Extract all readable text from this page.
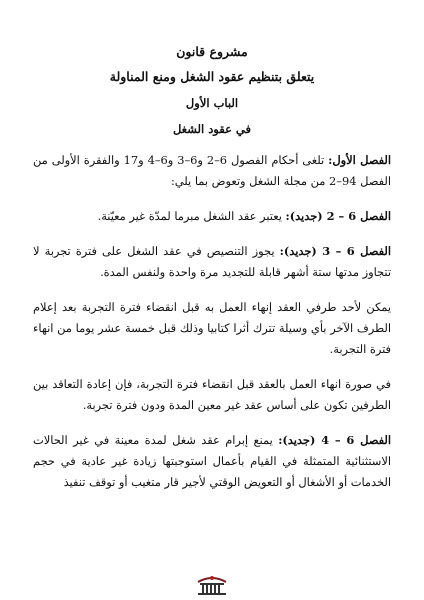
مشروع قانون

يتعلق بتنظيم عقود الشغل ومنع المناولة

الباب الأول

في عقود الشغل

الفصل الأول: تلغى أحكام الفصول 6–2 و6–3 و6–4 و17 والفقرة الأولى من الفصل 94–2 من مجلة الشغل وتعوض بما يلي:

الفصل 6 – 2 (جديد): يعتبر عقد الشغل مبرما لمدّة غير معيّنة.

الفصل 6 – 3 (جديد): يجوز التنصيص في عقد الشغل على فترة تجربة لا تتجاوز مدتها ستة أشهر قابلة للتجديد مرة واحدة ولنفس المدة.

يمكن لأحد طرفي العقد إنهاء العمل به قبل انقضاء فترة التجربة بعد إعلام الطرف الآخر بأي وسيلة تترك أثرا كتابيا وذلك قبل خمسة عشر يوما من انهاء فترة التجربة.

في صورة انهاء العمل بالعقد قبل انقضاء فترة التجربة، فإن إعادة التعاقد بين الطرفين تكون على أساس عقد غير معين المدة ودون فترة تجربة.

الفصل 6 – 4 (جديد): يمنع إبرام عقد شغل لمدة معينة في غير الحالات الاستثنائية المتمثلة في القيام بأعمال استوجبتها زيادة غير عادية في حجم الخدمات أو الأشغال أو التعويض الوقتي لأجير قار متغيب أو توقف تنفيذ
